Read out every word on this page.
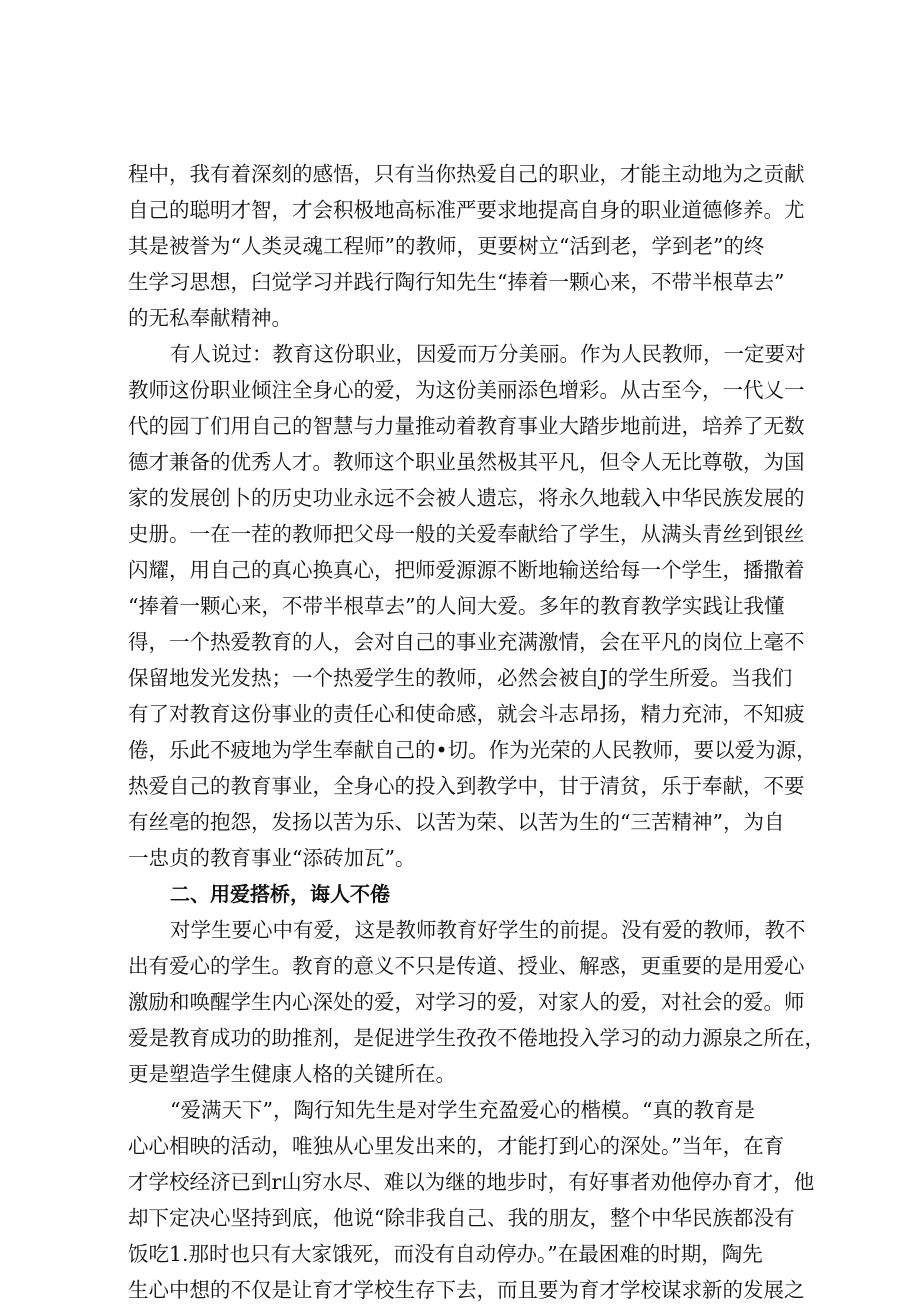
程中，我有着深刻的感悟，只有当你热爱自己的职业，才能主动地为之贡献
自己的聪明才智，才会积极地高标准严要求地提高自身的职业道德修养。尤
其是被誉为“人类灵魂工程师”的教师，更要树立“活到老，学到老”的终
生学习思想，臼觉学习并践行陶行知先生“捧着一颗心来，不带半根草去”
的无私奉献精神。
有人说过：教育这份职业，因爱而万分美丽。作为人民教师，一定要对
教师这份职业倾注全身心的爱，为这份美丽添色增彩。从古至今，一代乂一
代的园丁们用自己的智慧与力量推动着教育事业大踏步地前进，培养了无数
德才兼备的优秀人才。教师这个职业虽然极其平凡，但令人无比尊敬，为国
家的发展创卜的历史功业永远不会被人遗忘，将永久地载入中华民族发展的
史册。一在一茬的教师把父母一般的关爱奉献给了学生，从满头青丝到银丝
闪耀，用自己的真心换真心，把师爱源源不断地输送给每一个学生，播撒着
“捧着一颗心来，不带半根草去”的人间大爱。多年的教育教学实践让我懂
得，一个热爱教育的人，会对自己的事业充满激情，会在平凡的岗位上毫不
保留地发光发热；一个热爱学生的教师，必然会被自J的学生所爱。当我们
有了对教育这份事业的责任心和使命感，就会斗志昂扬，精力充沛，不知疲
倦，乐此不疲地为学生奉献自己的•切。作为光荣的人民教师，要以爱为源，
热爱自己的教育事业，全身心的投入到教学中，甘于清贫，乐于奉献，不要
有丝亳的抱怨，发扬以苦为乐、以苦为荣、以苦为生的“三苦精神”，为自
一忠贞的教育事业“添砖加瓦”。
二、用爱搭桥，诲人不倦
对学生要心中有爱，这是教师教育好学生的前提。没有爱的教师，教不
出有爱心的学生。教育的意义不只是传道、授业、解惑，更重要的是用爱心
激励和唤醒学生内心深处的爱，对学习的爱，对家人的爱，对社会的爱。师
爱是教育成功的助推剂，是促进学生孜孜不倦地投入学习的动力源泉之所在，
更是塑造学生健康人格的关键所在。
“爱满天下”，陶行知先生是对学生充盈爱心的楷模。“真的教育是
心心相映的活动，唯独从心里发出来的，才能打到心的深处。”当年，在育
才学校经济已到r山穷水尽、难以为继的地步时，有好事者劝他停办育才，他
却下定决心坚持到底，他说“除非我自己、我的朋友，整个中华民族都没有
饭吃1.那时也只有大家饿死，而没有自动停办。”在最困难的时期，陶先
生心中想的不仅是让育才学校生存下去，而且要为育才学校谋求新的发展之
